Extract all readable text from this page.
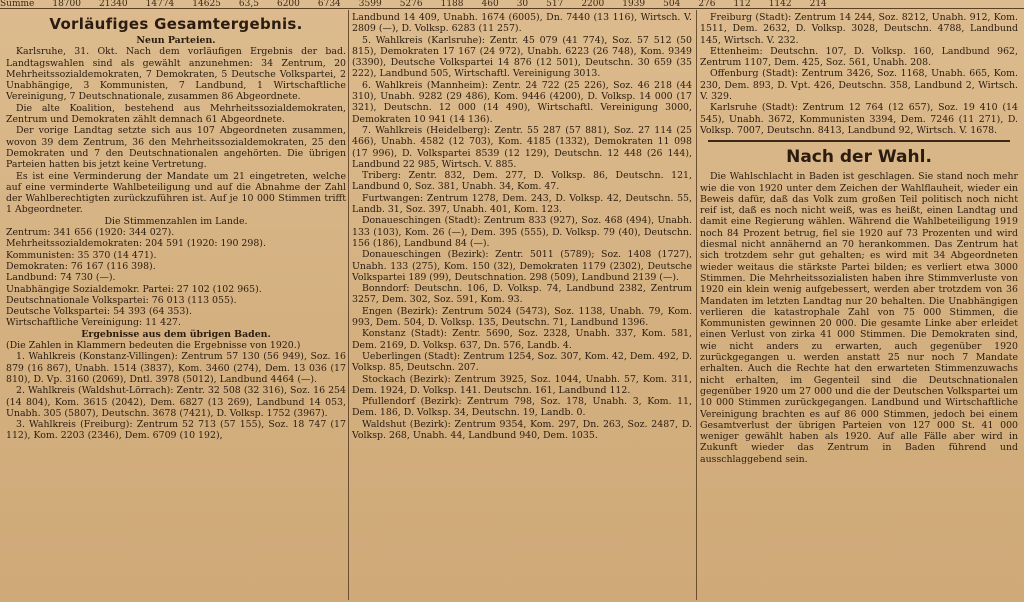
Summe 18700 21340 14774 14625 63,5 6200 6734 3599 5276 1188 460 30 517 2200 1939 504 276 112 1142 214
Vorläufiges Gesamtergebnis.

Neun Parteien.

Karlsruhe, 31. Okt. Nach dem vorläufigen Ergebnis der bad. Landtagswahlen sind als gewählt anzunehmen: 34 Zentrum, 20 Mehrheitssozialdemokraten, 7 Demokraten, 5 Deutsche Volkspartei, 2 Unabhängige, 3 Kommunisten, 7 Landbund, 1 Wirtschaftliche Vereinigung, 7 Deutschnationale, zusammen 86 Abgeordnete.

Die alte Koalition, bestehend aus Mehrheitssozialdemokraten, Zentrum und Demokraten zählt demnach 61 Abgeordnete.

Der vorige Landtag setzte sich aus 107 Abgeordneten zusammen, wovon 39 dem Zentrum, 36 den Mehrheitssozialdemokraten, 25 den Demokraten und 7 den Deutschnationalen angehörten. Die übrigen Parteien hatten bis jetzt keine Vertretung.

Es ist eine Verminderung der Mandate um 21 eingetreten, welche auf eine verminderte Wahlbeteiligung und auf die Abnahme der Zahl der Wahlberechtigten zurückzuführen ist. Auf je 10 000 Stimmen trifft 1 Abgeordneter.

Die Stimmenzahlen im Lande.

Zentrum: 341 656 (1920: 344 027).

Mehrheitssozialdemokraten: 204 591 (1920: 190 298).

Kommunisten: 35 370 (14 471).

Demokraten: 76 167 (116 398).

Landbund: 74 730 (—).

Unabhängige Sozialdemokr. Partei: 27 102 (102 965).

Deutschnationale Volkspartei: 76 013 (113 055).

Deutsche Volkspartei: 54 393 (64 353).

Wirtschaftliche Vereinigung: 11 427.

Ergebnisse aus dem übrigen Baden.

(Die Zahlen in Klammern bedeuten die Ergebnisse von 1920.)

1. Wahlkreis (Konstanz-Villingen): Zentrum 57 130 (56 949), Soz. 16 879 (16 867), Unabh. 1514 (3837), Kom. 3460 (274), Dem. 13 036 (17 810), D. Vp. 3160 (2069), Dntl. 3978 (5012), Landbund 4464 (—).

2. Wahlkreis (Waldshut-Lörrach): Zentr. 32 508 (32 316), Soz. 16 254 (14 804), Kom. 3615 (2042), Dem. 6827 (13 269), Landbund 14 053, Unabh. 305 (5807), Deutschn. 3678 (7421), D. Volksp. 1752 (3967).

3. Wahlkreis (Freiburg): Zentrum 52 713 (57 155), Soz. 18 747 (17 112), Kom. 2203 (2346), Dem. 6709 (10 192),

Landbund 14 409, Unabh. 1674 (6005), Dn. 7440 (13 116), Wirtsch. V. 2809 (—), D. Volksp. 6283 (11 257).

5. Wahlkreis (Karlsruhe): Zentr. 45 079 (41 774), Soz. 57 512 (50 815), Demokraten 17 167 (24 972), Unabh. 6223 (26 748), Kom. 9349 (3390), Deutsche Volkspartei 14 876 (12 501), Deutschn. 30 659 (35 222), Landbund 505, Wirtschaftl. Vereinigung 3013.

6. Wahlkreis (Mannheim): Zentr. 24 722 (25 226), Soz. 46 218 (44 310), Unabh. 9282 (29 486), Kom. 9446 (4200), D. Volksp. 14 000 (17 321), Deutschn. 12 000 (14 490), Wirtschaftl. Vereinigung 3000, Demokraten 10 941 (14 136).

7. Wahlkreis (Heidelberg): Zentr. 55 287 (57 881), Soz. 27 114 (25 466), Unabh. 4582 (12 703), Kom. 4185 (1332), Demokraten 11 098 (17 996), D. Volkspartei 8539 (12 129), Deutschn. 12 448 (26 144), Landbund 22 985, Wirtsch. V. 885.

Triberg: Zentr. 832, Dem. 277, D. Volksp. 86, Deutschn. 121, Landbund 0, Soz. 381, Unabh. 34, Kom. 47.

Furtwangen: Zentrum 1278, Dem. 243, D. Volksp. 42, Deutschn. 55, Landb. 31, Soz. 397, Unabh. 401, Kom. 123.

Donaueschingen (Stadt): Zentrum 833 (927), Soz. 468 (494), Unabh. 133 (103), Kom. 26 (—), Dem. 395 (555), D. Volksp. 79 (40), Deutschn. 156 (186), Landbund 84 (—).

Donaueschingen (Bezirk): Zentr. 5011 (5789); Soz. 1408 (1727), Unabh. 133 (275), Kom. 150 (32), Demokraten 1179 (2302), Deutsche Volkspartei 189 (99), Deutschnation. 298 (509), Landbund 2139 (—).

Bonndorf: Deutschn. 106, D. Volksp. 74, Landbund 2382, Zentrum 3257, Dem. 302, Soz. 591, Kom. 93.

Engen (Bezirk): Zentrum 5024 (5473), Soz. 1138, Unabh. 79, Kom. 993, Dem. 504, D. Volksp. 135, Deutschn. 71, Landbund 1396.

Konstanz (Stadt): Zentr. 5690, Soz. 2328, Unabh. 337, Kom. 581, Dem. 2169, D. Volksp. 637, Dn. 576, Landb. 4.

Ueberlingen (Stadt): Zentrum 1254, Soz. 307, Kom. 42, Dem. 492, D. Volksp. 85, Deutschn. 207.

Stockach (Bezirk): Zentrum 3925, Soz. 1044, Unabh. 57, Kom. 311, Dem. 1924, D. Volksp. 141. Deutschn. 161, Landbund 112.

Pfullendorf (Bezirk): Zentrum 798, Soz. 178, Unabh. 3, Kom. 11, Dem. 186, D. Volksp. 34, Deutschn. 19, Landb. 0.

Waldshut (Bezirk): Zentrum 9354, Kom. 297, Dn. 263, Soz. 2487, D. Volksp. 268, Unabh. 44, Landbund 940, Dem. 1035.

Freiburg (Stadt): Zentrum 14 244, Soz. 8212, Unabh. 912, Kom. 1511, Dem. 2632, D. Volksp. 3028, Deutschn. 4788, Landbund 145, Wirtsch. V. 232.

Ettenheim: Deutschn. 107, D. Volksp. 160, Landbund 962, Zentrum 1107, Dem. 425, Soz. 561, Unabh. 208.

Offenburg (Stadt): Zentrum 3426, Soz. 1168, Unabh. 665, Kom. 230, Dem. 893, D. Vpt. 426, Deutschn. 358, Landbund 2, Wirtsch. V. 329.

Karlsruhe (Stadt): Zentrum 12 764 (12 657), Soz. 19 410 (14 545), Unabh. 3672, Kommunisten 3394, Dem. 7246 (11 271), D. Volksp. 7007, Deutschn. 8413, Landbund 92, Wirtsch. V. 1678.

Nach der Wahl.

Die Wahlschlacht in Baden ist geschlagen. Sie stand noch mehr wie die von 1920 unter dem Zeichen der Wahlflauheit, wieder ein Beweis dafür, daß das Volk zum großen Teil politisch noch nicht reif ist, daß es noch nicht weiß, was es heißt, einen Landtag und damit eine Regierung wählen. Während die Wahlbeteiligung 1919 noch 84 Prozent betrug, fiel sie 1920 auf 73 Prozenten und wird diesmal nicht annähernd an 70 herankommen. Das Zentrum hat sich trotzdem sehr gut gehalten; es wird mit 34 Abgeordneten wieder weitaus die stärkste Partei bilden; es verliert etwa 3000 Stimmen. Die Mehrheitssozialisten haben ihre Stimmverluste von 1920 ein klein wenig aufgebessert, werden aber trotzdem von 36 Mandaten im letzten Landtag nur 20 behalten. Die Unabhängigen verlieren die katastrophale Zahl von 75 000 Stimmen, die Kommunisten gewinnen 20 000. Die gesamte Linke aber erleidet einen Verlust von zirka 41 000 Stimmen. Die Demokraten sind, wie nicht anders zu erwarten, auch gegenüber 1920 zurückgegangen u. werden anstatt 25 nur noch 7 Mandate erhalten. Auch die Rechte hat den erwarteten Stimmenzuwachs nicht erhalten, im Gegenteil sind die Deutschnationalen gegenüber 1920 um 27 000 und die der Deutschen Volkspartei um 10 000 Stimmen zurückgegangen. Landbund und Wirtschaftliche Vereinigung brachten es auf 86 000 Stimmen, jedoch bei einem Gesamtverlust der übrigen Parteien von 127 000 St. 41 000 weniger gewählt haben als 1920. Auf alle Fälle aber wird in Zukunft wieder das Zentrum in Baden führend und ausschlaggebend sein.
